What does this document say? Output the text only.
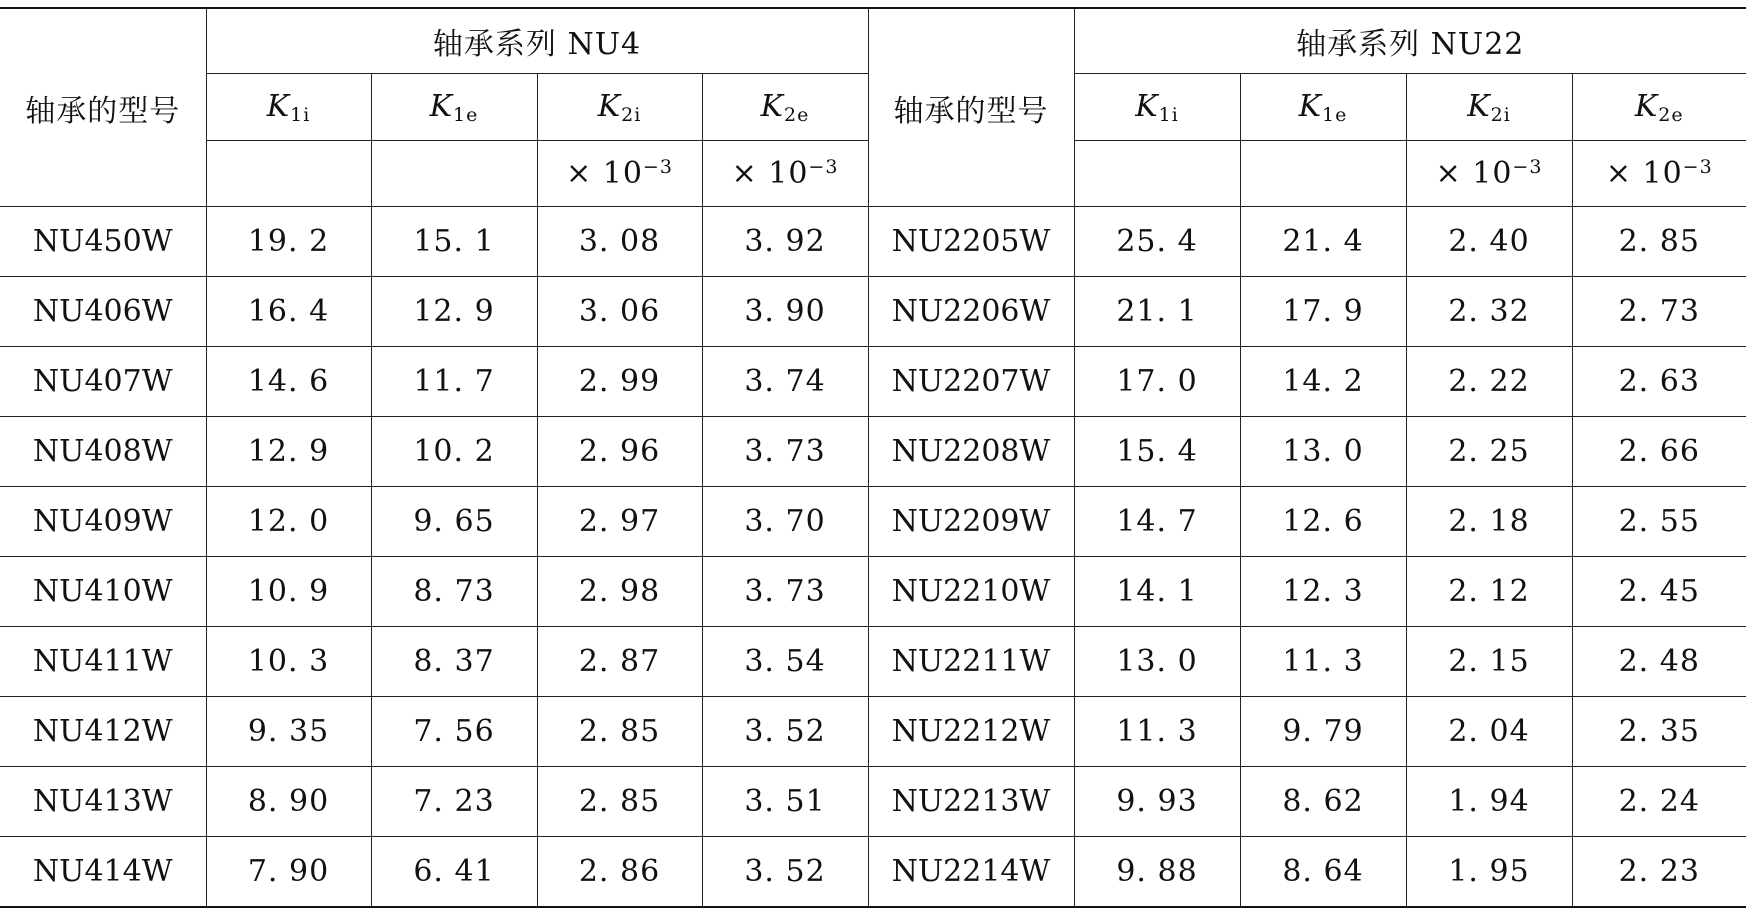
轴承的型号	轴承系列 NU4				轴承的型号	轴承系列 NU22			
	$K_{1i}$	$K_{1e}$	$K_{2i}$	$K_{2e}$		$K_{1i}$	$K_{1e}$	$K_{2i}$	$K_{2e}$
			× $10^{-3}$	× $10^{-3}$				× $10^{-3}$	× $10^{-3}$
NU450W	19. 2	15. 1	3. 08	3. 92	NU2205W	25. 4	21. 4	2. 40	2. 85
NU406W	16. 4	12. 9	3. 06	3. 90	NU2206W	21. 1	17. 9	2. 32	2. 73
NU407W	14. 6	11. 7	2. 99	3. 74	NU2207W	17. 0	14. 2	2. 22	2. 63
NU408W	12. 9	10. 2	2. 96	3. 73	NU2208W	15. 4	13. 0	2. 25	2. 66
NU409W	12. 0	9. 65	2. 97	3. 70	NU2209W	14. 7	12. 6	2. 18	2. 55
NU410W	10. 9	8. 73	2. 98	3. 73	NU2210W	14. 1	12. 3	2. 12	2. 45
NU411W	10. 3	8. 37	2. 87	3. 54	NU2211W	13. 0	11. 3	2. 15	2. 48
NU412W	9. 35	7. 56	2. 85	3. 52	NU2212W	11. 3	9. 79	2. 04	2. 35
NU413W	8. 90	7. 23	2. 85	3. 51	NU2213W	9. 93	8. 62	1. 94	2. 24
NU414W	7. 90	6. 41	2. 86	3. 52	NU2214W	9. 88	8. 64	1. 95	2. 23
